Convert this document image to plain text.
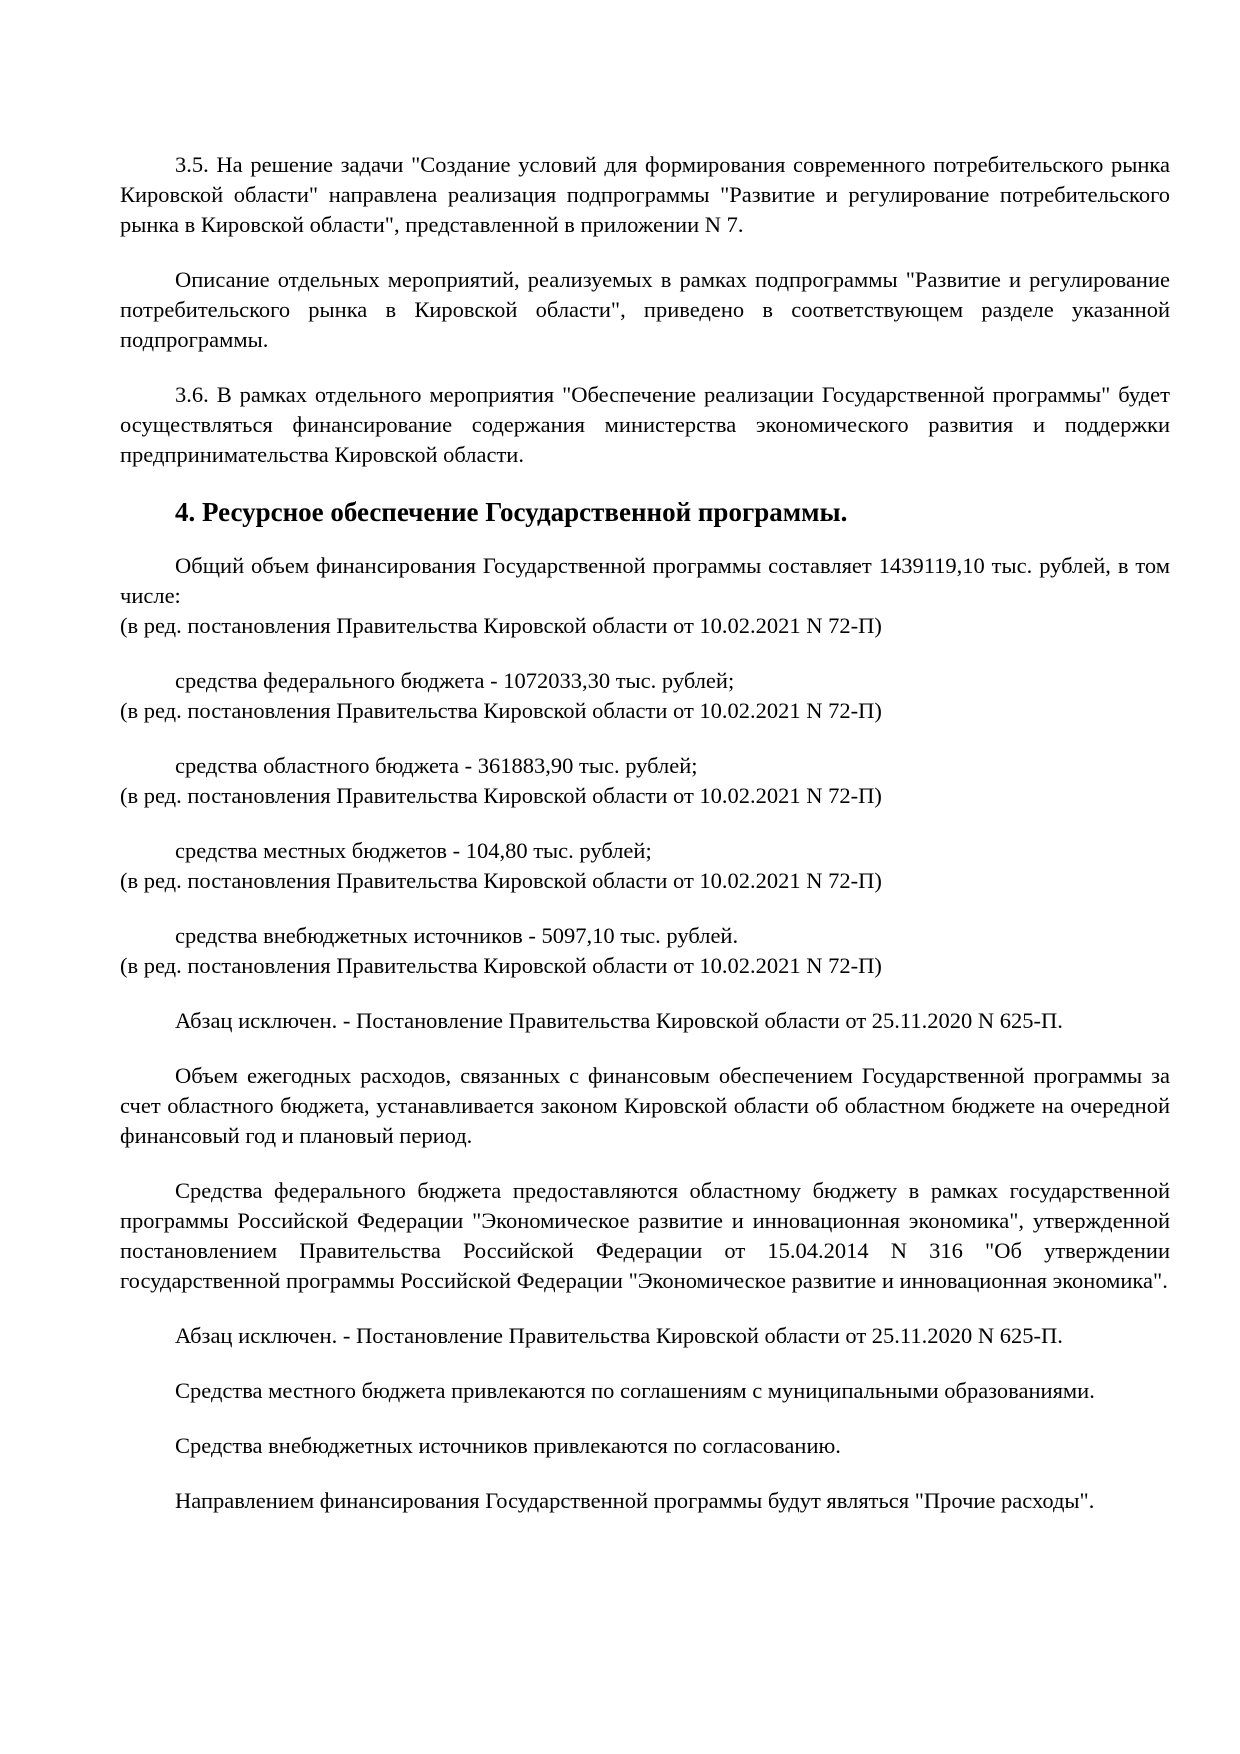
3.5. На решение задачи "Создание условий для формирования современного потребительского рынка Кировской области" направлена реализация подпрограммы "Развитие и регулирование потребительского рынка в Кировской области", представленной в приложении N 7.

Описание отдельных мероприятий, реализуемых в рамках подпрограммы "Развитие и регулирование потребительского рынка в Кировской области", приведено в соответствующем разделе указанной подпрограммы.

3.6. В рамках отдельного мероприятия "Обеспечение реализации Государственной программы" будет осуществляться финансирование содержания министерства экономического развития и поддержки предпринимательства Кировской области.

4. Ресурсное обеспечение Государственной программы.

Общий объем финансирования Государственной программы составляет 1439119,10 тыс. рублей, в том числе:

(в ред. постановления Правительства Кировской области от 10.02.2021 N 72-П)
средства федерального бюджета - 1072033,30 тыс. рублей;
(в ред. постановления Правительства Кировской области от 10.02.2021 N 72-П)
средства областного бюджета - 361883,90 тыс. рублей;
(в ред. постановления Правительства Кировской области от 10.02.2021 N 72-П)
средства местных бюджетов - 104,80 тыс. рублей;
(в ред. постановления Правительства Кировской области от 10.02.2021 N 72-П)
средства внебюджетных источников - 5097,10 тыс. рублей.
(в ред. постановления Правительства Кировской области от 10.02.2021 N 72-П)

Абзац исключен. - Постановление Правительства Кировской области от 25.11.2020 N 625-П.

Объем ежегодных расходов, связанных с финансовым обеспечением Государственной программы за счет областного бюджета, устанавливается законом Кировской области об областном бюджете на очередной финансовый год и плановый период.

Средства федерального бюджета предоставляются областному бюджету в рамках государственной программы Российской Федерации "Экономическое развитие и инновационная экономика", утвержденной постановлением Правительства Российской Федерации от 15.04.2014 N 316 "Об утверждении государственной программы Российской Федерации "Экономическое развитие и инновационная экономика".

Абзац исключен. - Постановление Правительства Кировской области от 25.11.2020 N 625-П.

Средства местного бюджета привлекаются по соглашениям с муниципальными образованиями.

Средства внебюджетных источников привлекаются по согласованию.

Направлением финансирования Государственной программы будут являться "Прочие расходы".
